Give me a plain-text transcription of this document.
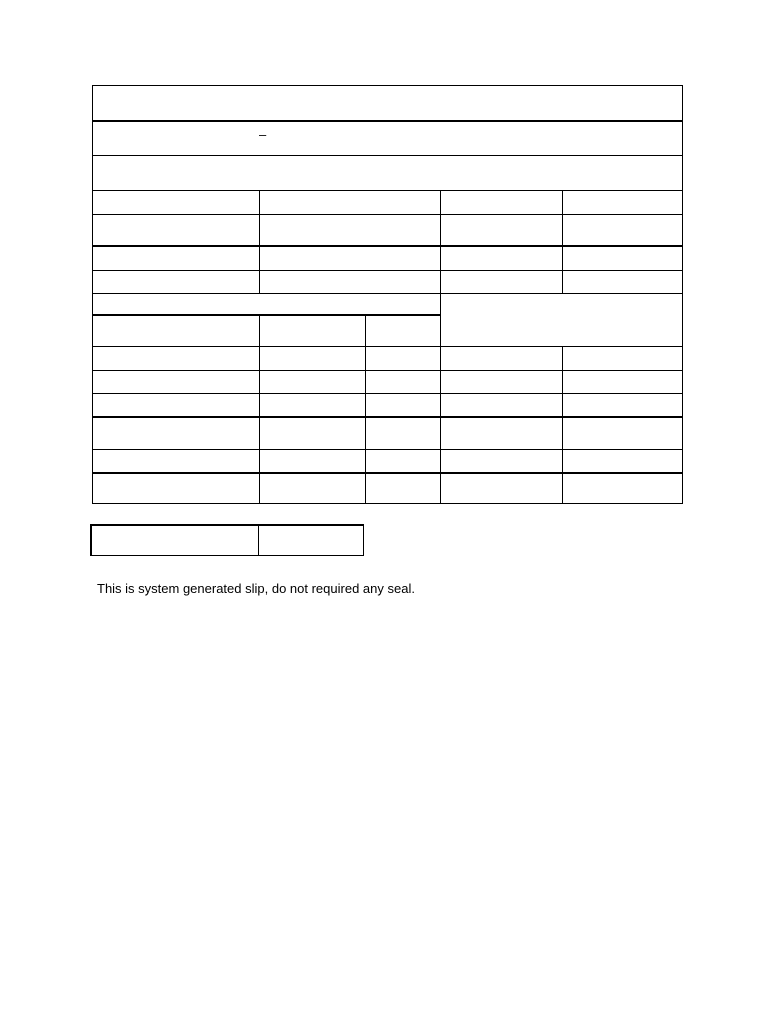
–
This is system generated slip, do not required any seal.
